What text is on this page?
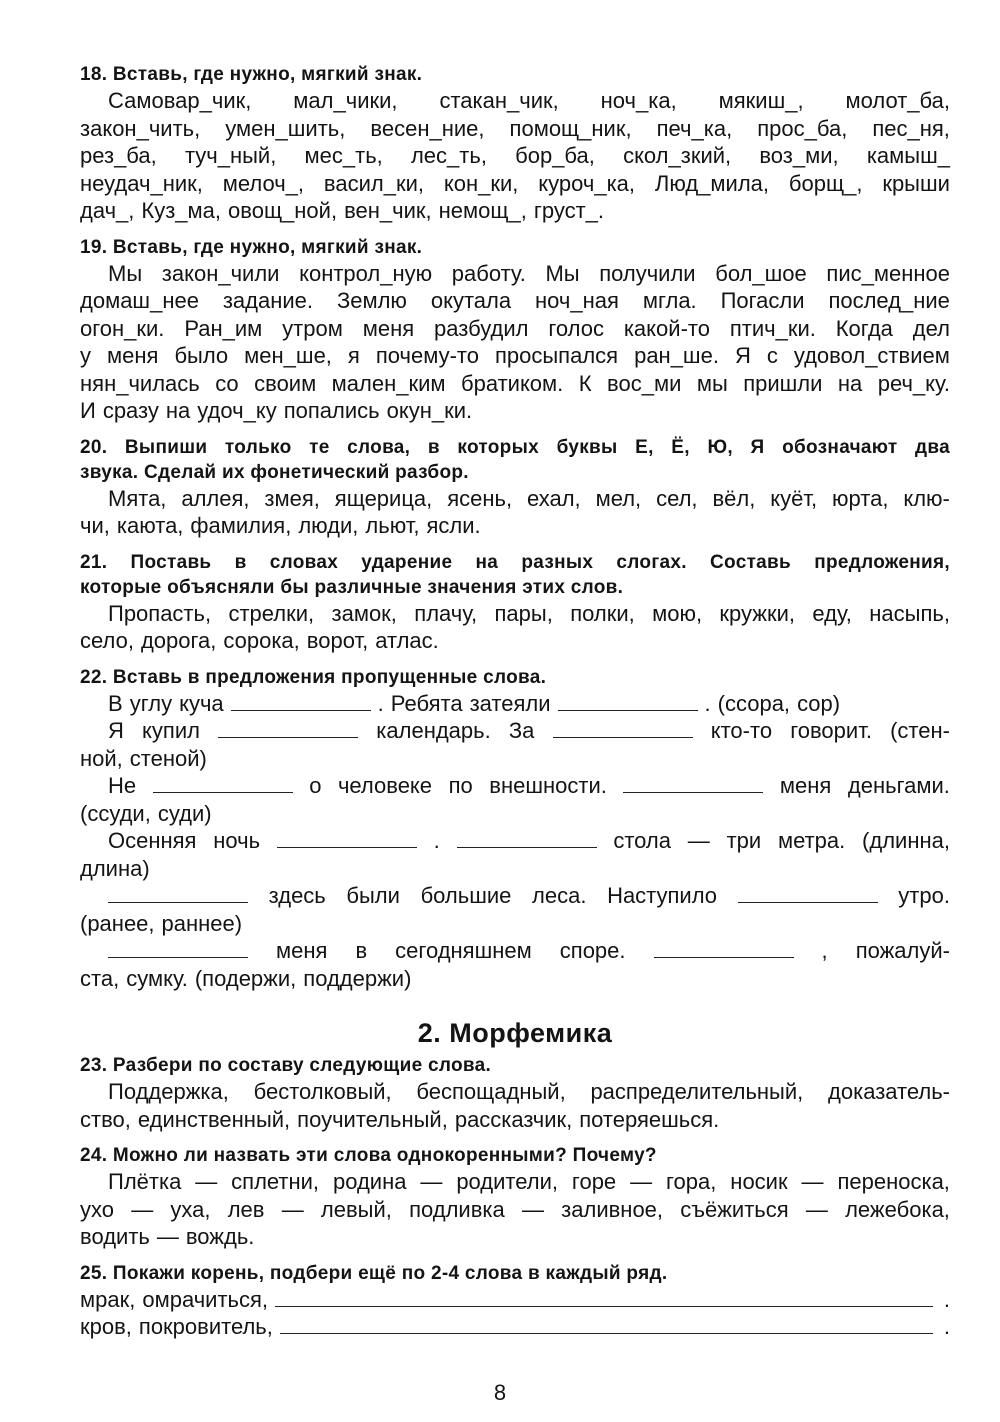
18. Вставь, где нужно, мягкий знак.
Самовар_чик, мал_чики, стакан_чик, ноч_ка, мякиш_, молот_ба,
закон_чить, умен_шить, весен_ние, помощ_ник, печ_ка, прос_ба, пес_ня,
рез_ба, туч_ный, мес_ть, лес_ть, бор_ба, скол_зкий, воз_ми, камыш_
неудач_ник, мелоч_, васил_ки, кон_ки, куроч_ка, Люд_мила, борщ_, крыши
дач_, Куз_ма, овощ_ной, вен_чик, немощ_, груст_.
19. Вставь, где нужно, мягкий знак.
Мы закон_чили контрол_ную работу. Мы получили бол_шое пис_менное
домаш_нее задание. Землю окутала ноч_ная мгла. Погасли послед_ние
огон_ки. Ран_им утром меня разбудил голос какой-то птич_ки. Когда дел
у меня было мен_ше, я почему-то просыпался ран_ше. Я с удовол_ствием
нян_чилась со своим мален_ким братиком. К вос_ми мы пришли на реч_ку.
И сразу на удоч_ку попались окун_ки.
20. Выпиши только те слова, в которых буквы Е, Ё, Ю, Я обозначают два
звука. Сделай их фонетический разбор.
Мята, аллея, змея, ящерица, ясень, ехал, мел, сел, вёл, куёт, юрта, клю-
чи, каюта, фамилия, люди, льют, ясли.
21. Поставь в словах ударение на разных слогах. Составь предложения,
которые объясняли бы различные значения этих слов.
Пропасть, стрелки, замок, плачу, пары, полки, мою, кружки, еду, насыпь,
село, дорога, сорока, ворот, атлас.
22. Вставь в предложения пропущенные слова.
В углу куча	. Ребята затеяли	. (ссора, сор)
Я купил	календарь. За	кто-то говорит. (стен-
ной, стеной)
Не	о человеке по внешности.	меня деньгами.
(ссуди, суди)
Осенняя ночь	.	стола — три метра. (длинна,
длина)
здесь были большие леса. Наступило	утро.
(ранее, раннее)
меня в сегодняшнем споре.	, пожалуй-
ста, сумку. (подержи, поддержи)
2. Морфемика
23. Разбери по составу следующие слова.
Поддержка, бестолковый, беспощадный, распределительный, доказатель-
ство, единственный, поучительный, рассказчик, потеряешься.
24. Можно ли назвать эти слова однокоренными? Почему?
Плётка — сплетни, родина — родители, горе — гора, носик — переноска,
ухо — уха, лев — левый, подливка — заливное, съёжиться — лежебока,
водить — вождь.
25. Покажи корень, подбери ещё по 2-4 слова в каждый ряд.
мрак, омрачиться,	.
кров, покровитель,	.
8
